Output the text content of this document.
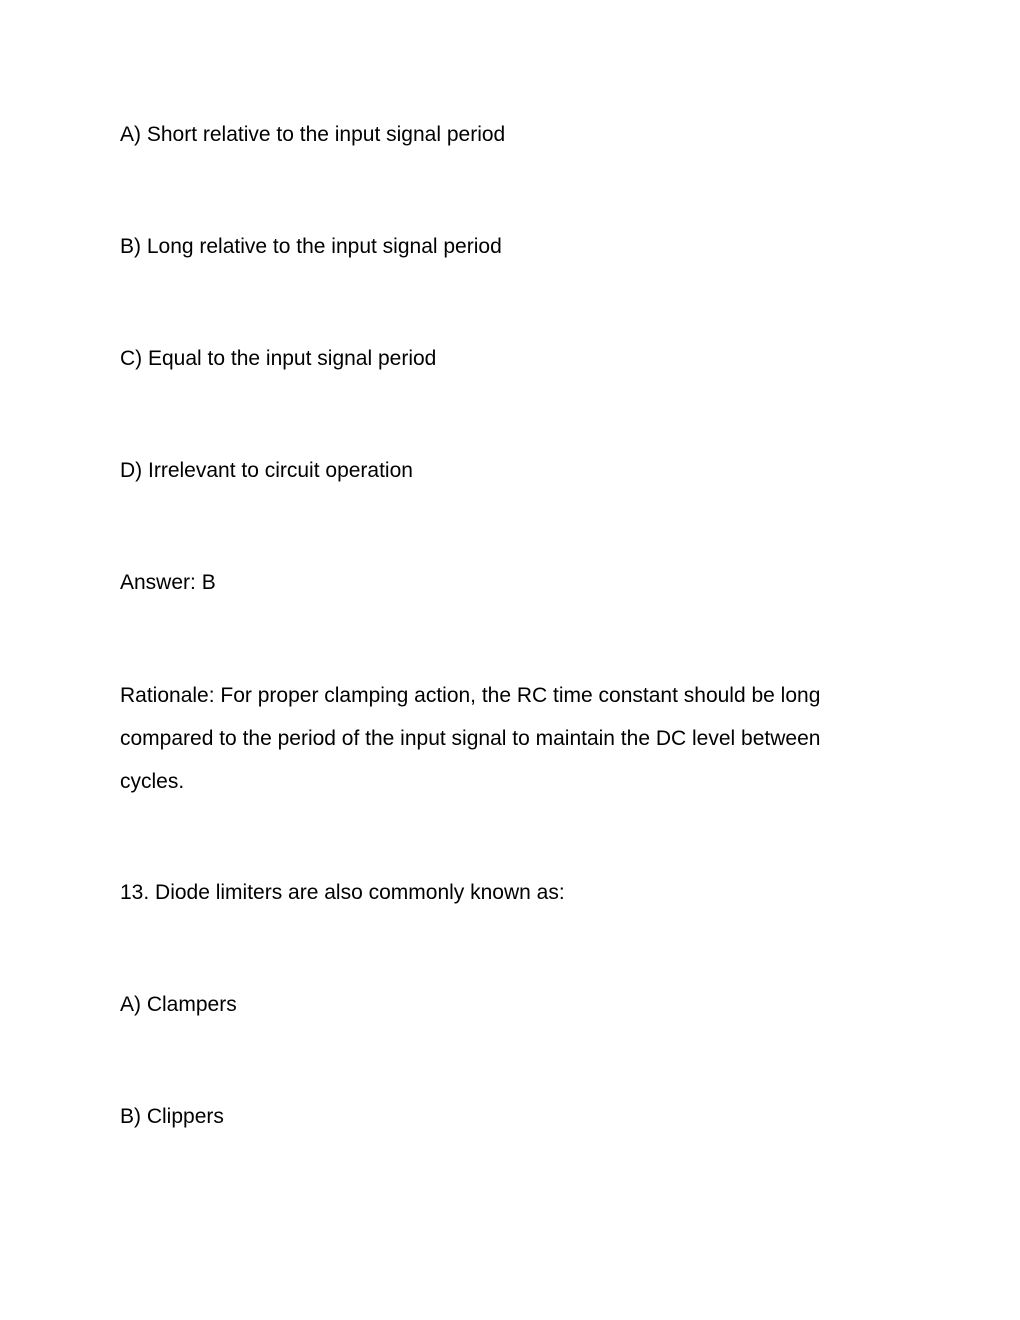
A) Short relative to the input signal period
B) Long relative to the input signal period
C) Equal to the input signal period
D) Irrelevant to circuit operation
Answer: B
Rationale: For proper clamping action, the RC time constant should be long
compared to the period of the input signal to maintain the DC level between
cycles.
13. Diode limiters are also commonly known as:
A) Clampers
B) Clippers
